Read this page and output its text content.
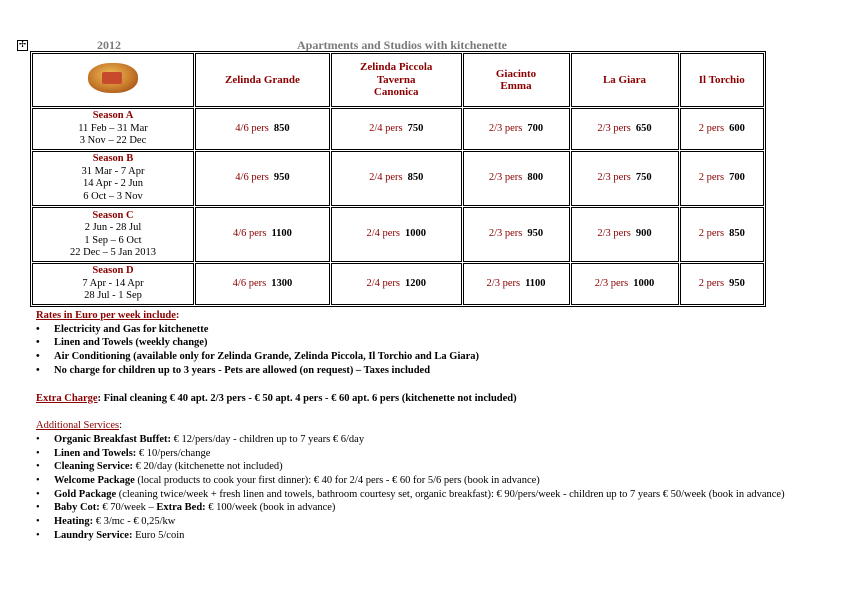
✢	2012	Apartments and Studios with kitchenette
	Zelinda Grande	Zelinda Piccola
Taverna
Canonica	Giacinto
Emma	La Giara	Il Torchio

Season A
11 Feb – 31 Mar
3 Nov – 22 Dec	4/6 pers 850	2/4 pers 750	2/3 pers 700	2/3 pers 650	2 pers 600

Season B
31 Mar - 7 Apr
14 Apr - 2 Jun
6 Oct – 3 Nov	4/6 pers 950	2/4 pers 850	2/3 pers 800	2/3 pers 750	2 pers 700

Season C
2 Jun - 28 Jul
1 Sep – 6 Oct
22 Dec – 5 Jan 2013	4/6 pers 1100	2/4 pers 1000	2/3 pers 950	2/3 pers 900	2 pers 850

Season D
7 Apr - 14 Apr
28 Jul - 1 Sep	4/6 pers 1300	2/4 pers 1200	2/3 pers 1100	2/3 pers 1000	2 pers 950
Rates in Euro per week include:
• Electricity and Gas for kitchenette
• Linen and Towels (weekly change)
• Air Conditioning (available only for Zelinda Grande, Zelinda Piccola, Il Torchio and La Giara)
• No charge for children up to 3 years - Pets are allowed (on request) – Taxes included
Extra Charge: Final cleaning € 40 apt. 2/3 pers - € 50 apt. 4 pers - € 60 apt. 6 pers (kitchenette not included)
Additional Services:
• Organic Breakfast Buffet: € 12/pers/day - children up to 7 years € 6/day
• Linen and Towels: € 10/pers/change
• Cleaning Service: € 20/day (kitchenette not included)
• Welcome Package (local products to cook your first dinner): € 40 for 2/4 pers - € 60 for 5/6 pers (book in advance)
• Gold Package (cleaning twice/week + fresh linen and towels, bathroom courtesy set, organic breakfast): € 90/pers/week - children up to 7 years € 50/week (book in advance)
• Baby Cot: € 70/week – Extra Bed: € 100/week (book in advance)
• Heating: € 3/mc - € 0,25/kw
• Laundry Service: Euro 5/coin
